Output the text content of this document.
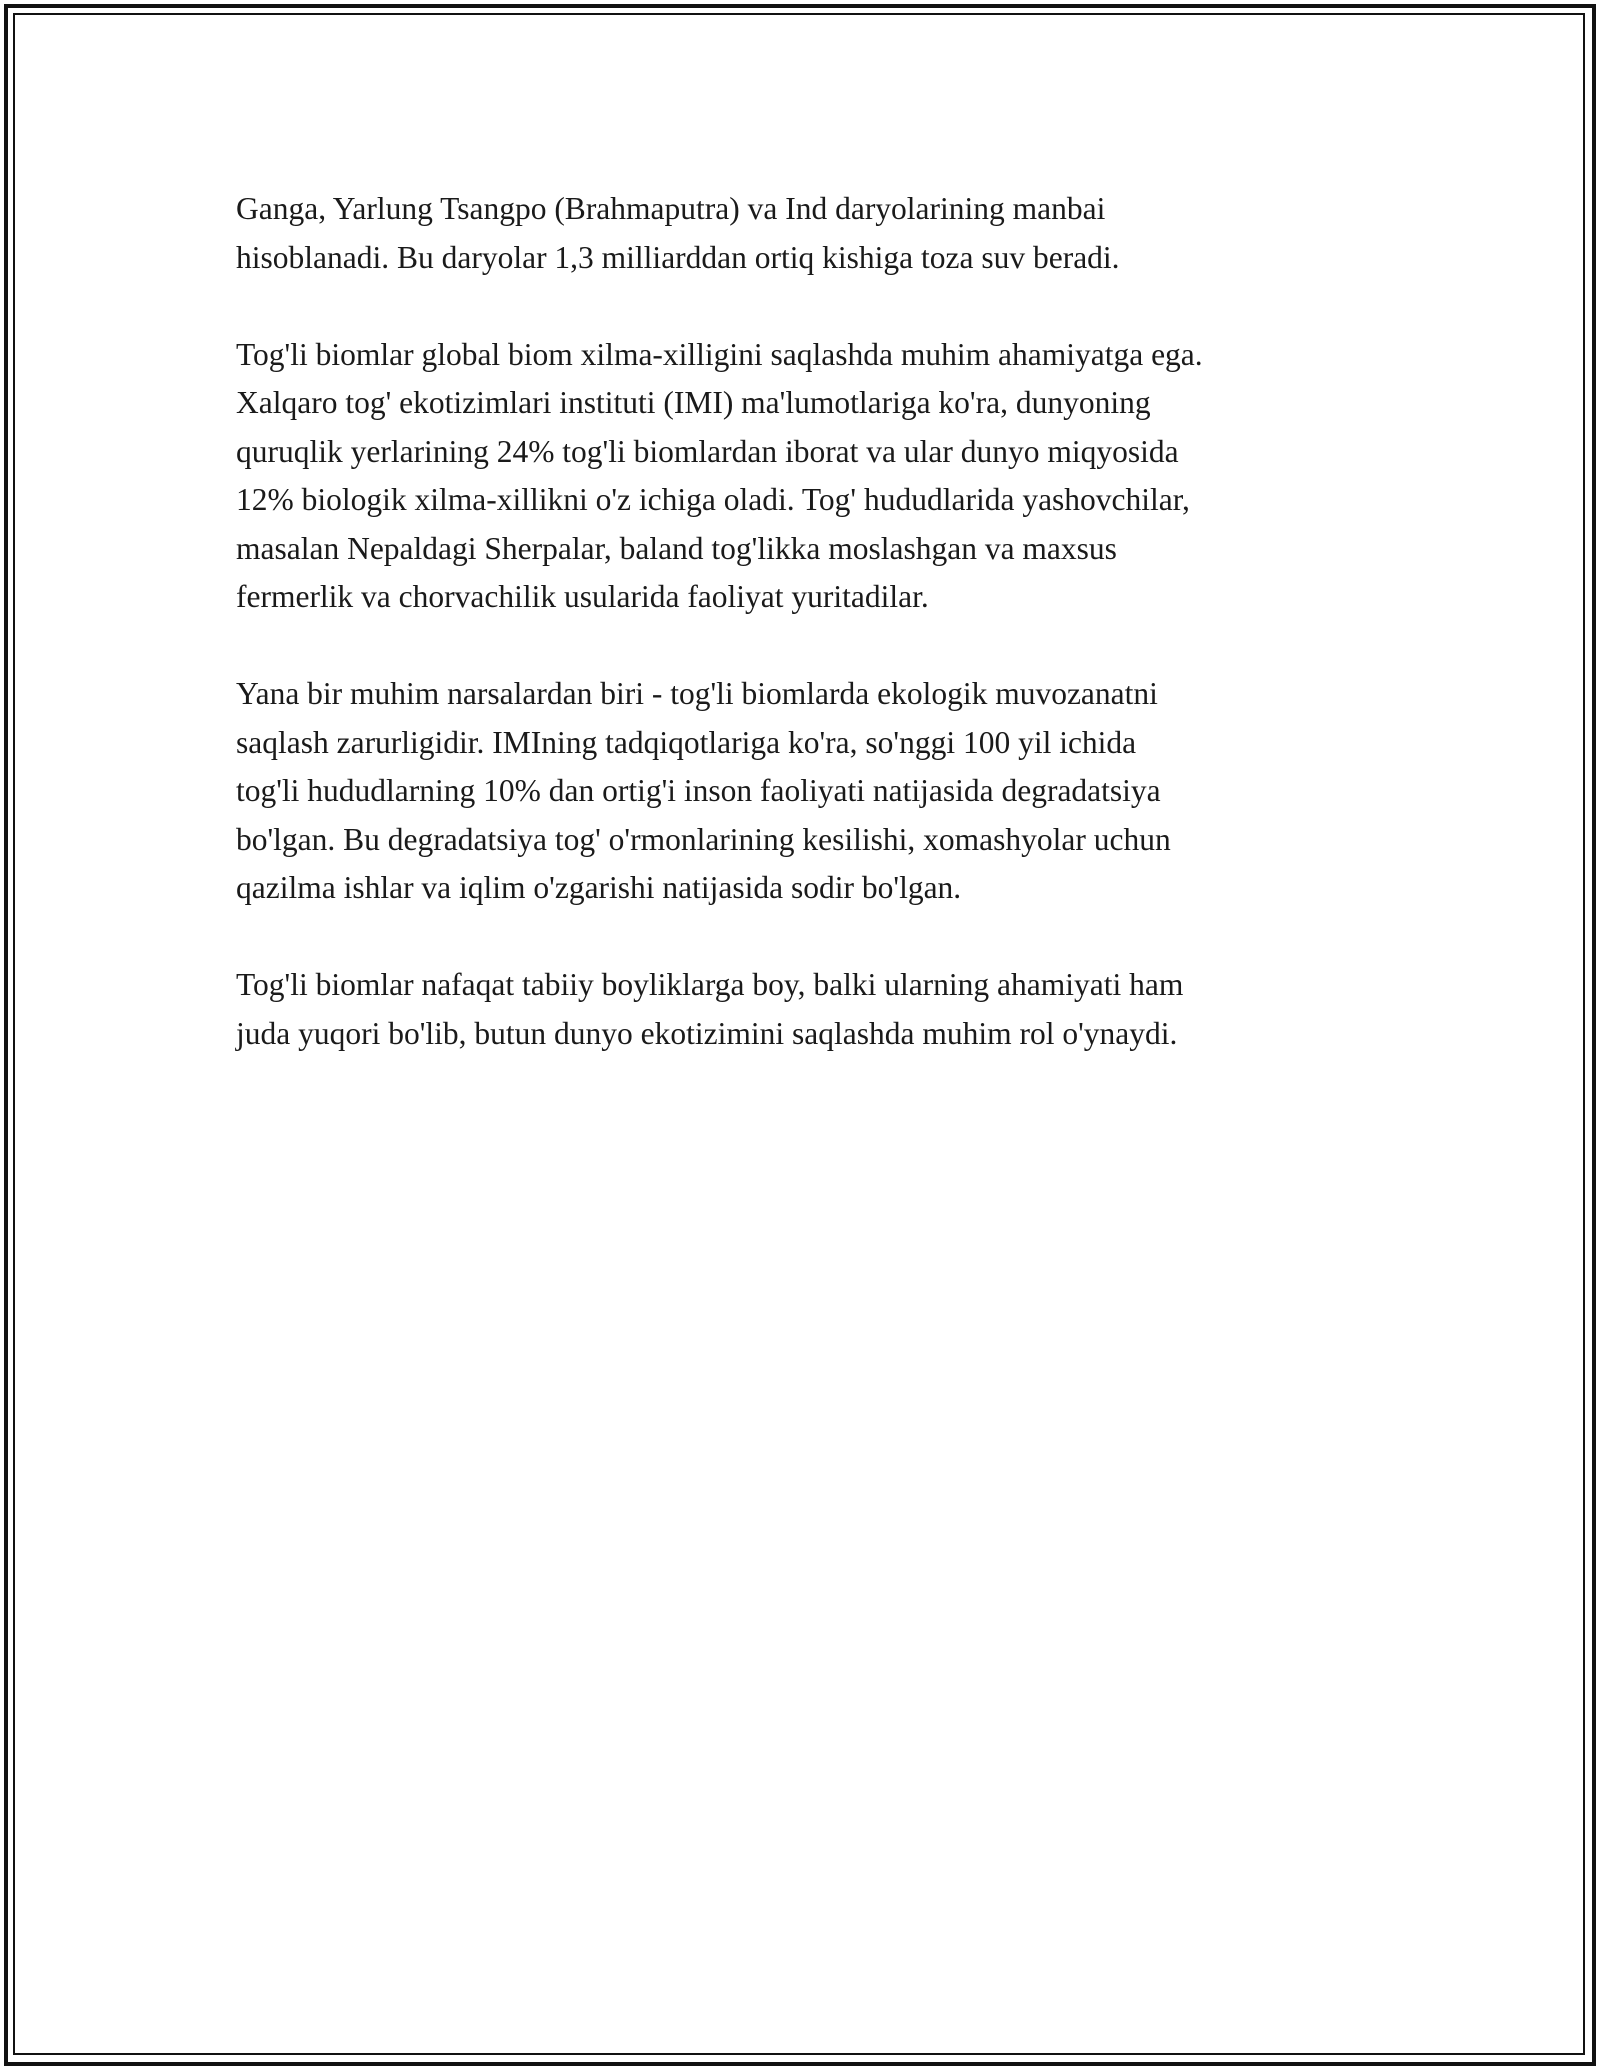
Ganga, Yarlung Tsangpo (Brahmaputra) va Ind daryolarining manbai
hisoblanadi. Bu daryolar 1,3 milliarddan ortiq kishiga toza suv beradi.

Tog'li biomlar global biom xilma-xilligini saqlashda muhim ahamiyatga ega.
Xalqaro tog' ekotizimlari instituti (IMI) ma'lumotlariga ko'ra, dunyoning
quruqlik yerlarining 24% tog'li biomlardan iborat va ular dunyo miqyosida
12% biologik xilma-xillikni o'z ichiga oladi. Tog' hududlarida yashovchilar,
masalan Nepaldagi Sherpalar, baland tog'likka moslashgan va maxsus
fermerlik va chorvachilik usularida faoliyat yuritadilar.

Yana bir muhim narsalardan biri - tog'li biomlarda ekologik muvozanatni
saqlash zarurligidir. IMIning tadqiqotlariga ko'ra, so'nggi 100 yil ichida
tog'li hududlarning 10% dan ortig'i inson faoliyati natijasida degradatsiya
bo'lgan. Bu degradatsiya tog' o'rmonlarining kesilishi, xomashyolar uchun
qazilma ishlar va iqlim o'zgarishi natijasida sodir bo'lgan.

Tog'li biomlar nafaqat tabiiy boyliklarga boy, balki ularning ahamiyati ham
juda yuqori bo'lib, butun dunyo ekotizimini saqlashda muhim rol o'ynaydi.
